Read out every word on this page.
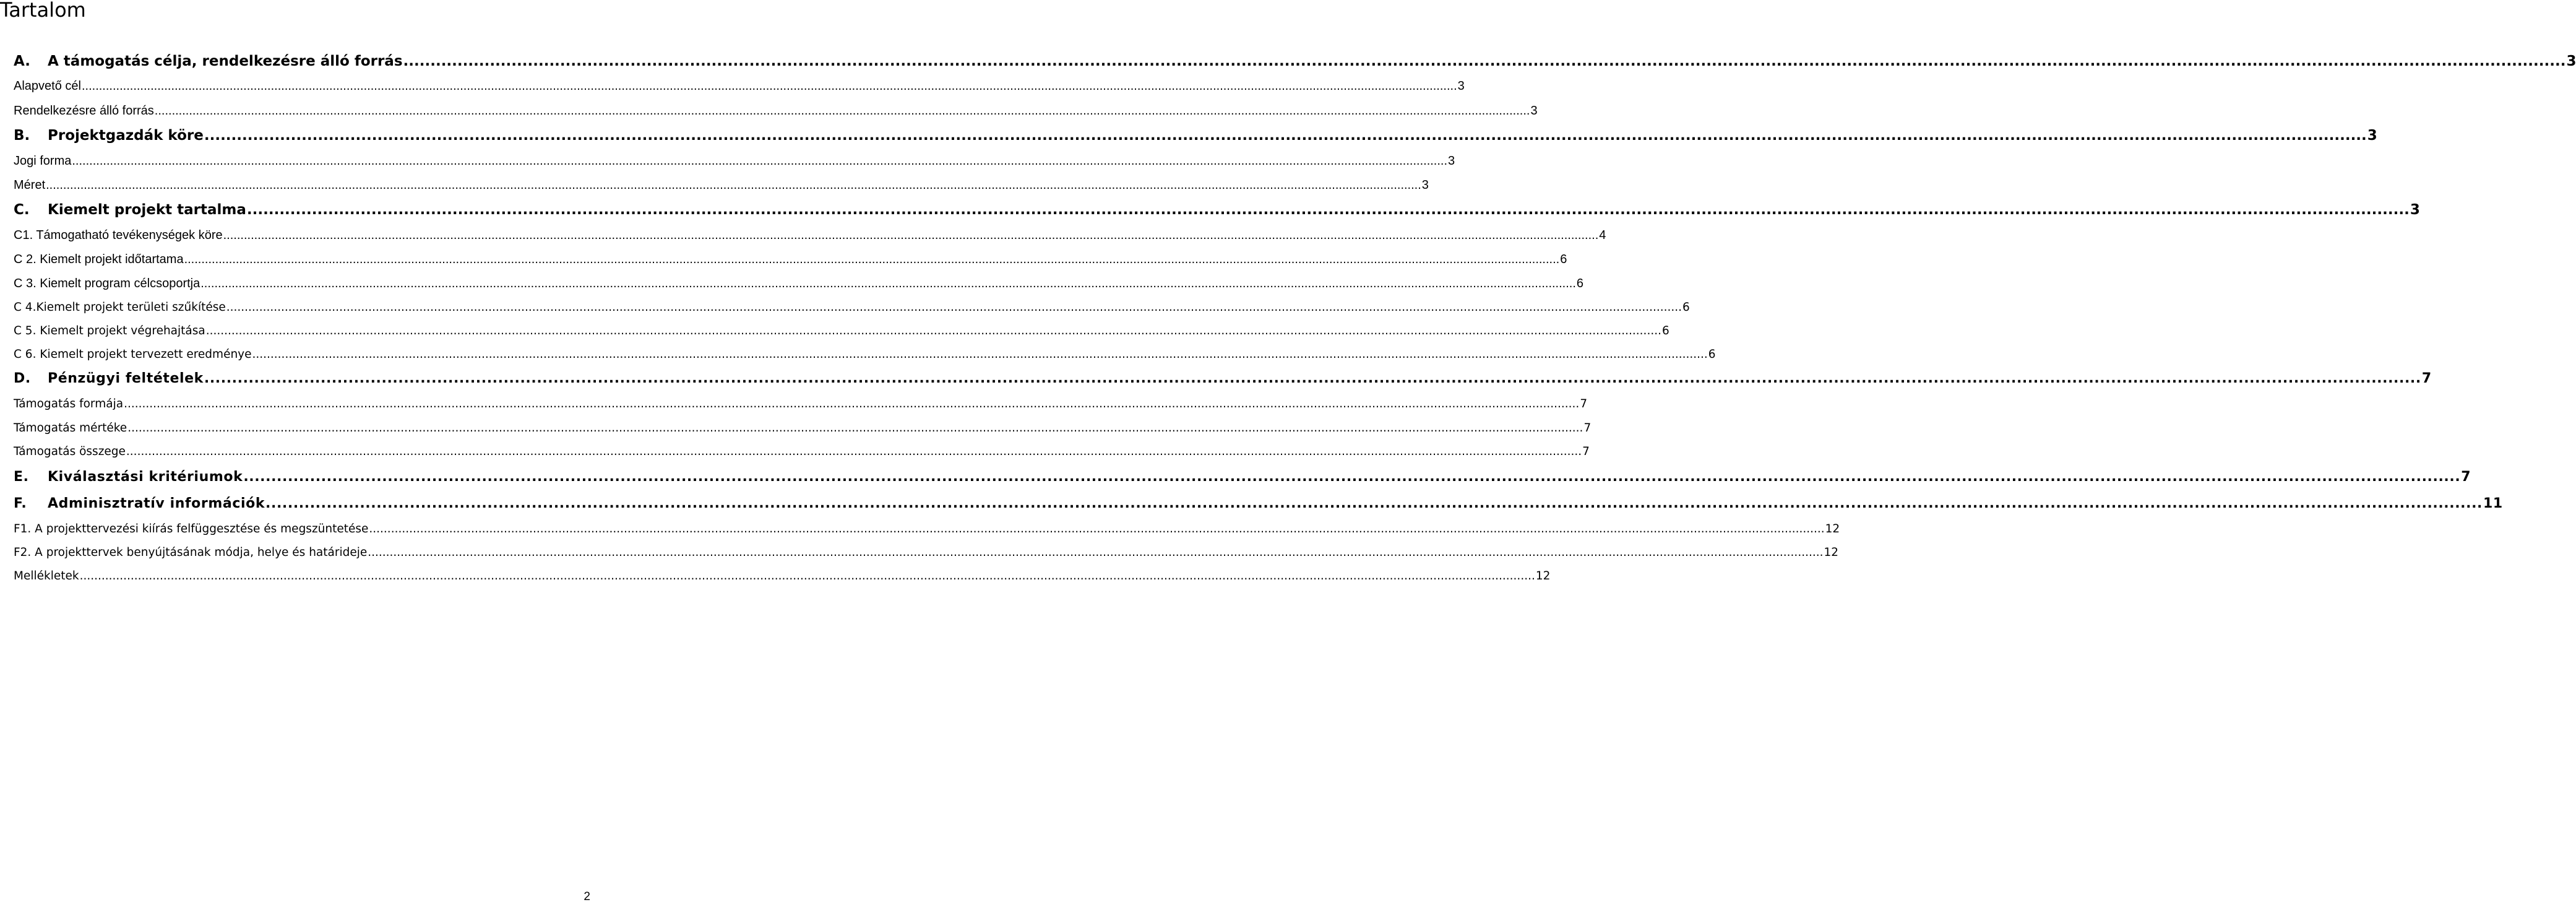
Tartalom
A. A támogatás célja, rendelkezésre álló forrás ................................................................................................................................................................................................................................................................................................................................................................................................................ 3
Alapvető cél ................................................................................................................................................................................................................................................................................................................................................................................................................ 3
Rendelkezésre álló forrás ................................................................................................................................................................................................................................................................................................................................................................................................................ 3
B. Projektgazdák köre ................................................................................................................................................................................................................................................................................................................................................................................................................ 3
Jogi forma ................................................................................................................................................................................................................................................................................................................................................................................................................ 3
Méret ................................................................................................................................................................................................................................................................................................................................................................................................................ 3
C. Kiemelt projekt tartalma ................................................................................................................................................................................................................................................................................................................................................................................................................ 3
C1. Támogatható tevékenységek köre ................................................................................................................................................................................................................................................................................................................................................................................................................ 4
C 2. Kiemelt projekt időtartama ................................................................................................................................................................................................................................................................................................................................................................................................................ 6
C 3. Kiemelt program célcsoportja ................................................................................................................................................................................................................................................................................................................................................................................................................ 6
C 4.Kiemelt projekt területi szűkítése ................................................................................................................................................................................................................................................................................................................................................................................................................ 6
C 5. Kiemelt projekt végrehajtása ................................................................................................................................................................................................................................................................................................................................................................................................................ 6
C 6. Kiemelt projekt tervezett eredménye ................................................................................................................................................................................................................................................................................................................................................................................................................ 6
D. Pénzügyi feltételek ................................................................................................................................................................................................................................................................................................................................................................................................................ 7
Támogatás formája ................................................................................................................................................................................................................................................................................................................................................................................................................ 7
Támogatás mértéke ................................................................................................................................................................................................................................................................................................................................................................................................................ 7
Támogatás összege ................................................................................................................................................................................................................................................................................................................................................................................................................ 7
E. Kiválasztási kritériumok ................................................................................................................................................................................................................................................................................................................................................................................................................ 7
F. Adminisztratív információk ................................................................................................................................................................................................................................................................................................................................................................................................................ 11
F1. A projekttervezési kiírás felfüggesztése és megszüntetése ................................................................................................................................................................................................................................................................................................................................................................................................................ 12
F2. A projekttervek benyújtásának módja, helye és határideje ................................................................................................................................................................................................................................................................................................................................................................................................................ 12
Mellékletek ................................................................................................................................................................................................................................................................................................................................................................................................................ 12
2
